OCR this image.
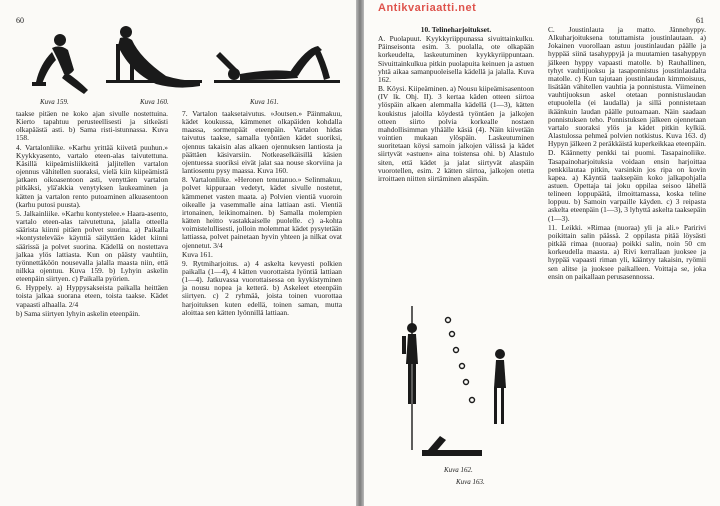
60
Kuva 159.	Kuva 160.	Kuva 161.

taakse pitäen ne koko ajan sivulle nostettuina. Kierto tapahtuu perusteellisesti ja sitkeästi olkapäästä asti. b) Sama risti-istunnassa. Kuva 158.

4. Vartalonliike. »Karhu yrittää kiivetä puuhun.» Kyykkyasento, vartalo eteen-alas taivutettuna. Käsillä kiipeämisliikkeitä jaljitellen vartalon ojennus vähitellen suoraksi, vielä kiin kiipeämistä jatkaen oikoasentoon asti, venyttäen vartalon pitkäksi, ylä'akkia venytyksen laukeaminen ja kätten ja vartalon rento putoaminen alkuasentoon (karhu putosi puusta).

5. Jalkainliike. »Karhu kontystelee.» Haara-asento, vartalo eteen-alas taivutettuna, jalalla otteella säärista kiinni pitäen polvet suorina. a) Paikalla »kontystelevää» käyntiä säilyttäen kädet kiinni säärissä ja polvet suorina. Kädellä on nostettava jalkaa ylös lattiasta. Kun on päästy vauhtiin, työnnettäköön nousevalla jalalla maasta niin, että nilkka ojentuu. Kuva 159. b) Lyhyin askelin eteenpäin siirtyen. c) Paikalla pyörien.

6. Hyppely. a) Hyppysakseista paikalla heittäen toista jalkaa suorana eteen, toista taakse. Kädet vapaasti alhaalla. 2/4

b) Sama siirtyen lyhyin askelin eteenpäin.

7. Vartalon taaksetaivutus. »Joutsen.» Päinmakuu, kädet koukussa, kämmenet olkapäiden kohdalla maassa, sormenpäät eteenpäin. Vartalon hidas taivutus taakse, samalla työntäen kädet suoriksi, ojennus takaisin alas alkaen ojennuksen lantiosta ja päättäen käsivarsiin. Notkeaselkäisillä käsien ojentuessa suoriksi eivät jalat saa nouse skorviina ja lantiosentu pysy maassa. Kuva 160.

8. Vartalonliike. »Heronen tenutanuo.» Selinmakuu, polvet kippuraan vedetyt, kädet sivulle nostetut, kämmenet vasten maata. a) Polvien vientiä vuoroin oikealle ja vasemmalle aina lattiaan asti. Vientiä irtonainen, leikinomainen. b) Samalla molempien kätten heitto vastakkaiselle puolelle. c) a-kohta voimistelullisesti, jolloin molemmat kädet pysytetään lattiassa, polvet painetaan hyvin yhteen ja nilkat ovat ojennetut. 3/4

Kuva 161.

9. Rytmiharjoitus. a) 4 askelta kevyesti polkien paikalla (1—4), 4 kätten vuorottaista lyöntiä lattiaan (1—4). Jatkuvassa vuorottaisessa on kyykistyminen ja nousu nopea ja ketterä. b) Askeleet eteenpäin siirtyen. c) 2 ryhmää, joista toinen vuorottaa harjoituksen kuten edellä, toinen saman, mutta aloittaa sen kätten lyönnillä lattiaan.

Antikvariaatti.net
61

10. Telineharjoitukset.

A. Puolapuut. Kyykkyriippunassa sivuittainkulku. Päinseisonta esim. 3. puolalla, ote olkapään korkeudelta, laskeutuminen kyykkyriippuntaan. Sivuittainkulkua pitkin puolapuita keinuen ja astuen yhtä aikaa samanpuoleisella kädellä ja jalalla. Kuva 162.

B. Köysi. Kiipeäminen. a) Nousu kiipeämisasentoon (IV lk. Ohj. II). 3 kertaa käden otteen siirtoa ylöspäin alkaen alemmalla kädellä (1—3), kätten koukistus jaloilla köydestä työntäen ja jalkojen otteen siirto polvia korkealle nostaen mahdollisimman ylhäälle käsiä (4). Näin kiivetään vointien mukaan ylöspäin. Laskeutuminen suoritetaan köysi samoin jalkojen välissä ja kädet siirtyvät »astuen» aina toistensa ohi. b) Alastulo siten, että kädet ja jalat siirtyvät alaspäin vuorotellen, esim. 2 kätten siirtoa, jalkojen otetta irroittaen niitten siirtäminen alaspäin.

Kuva 162.
Kuva 163.

C. Joustinlauta ja matto. Jännehyppy. Alkuharjoituksena totuttamista joustinlautaan. a) Jokainen vuorollaan astuu joustinlaudan päälle ja hyppää siinä tasahyppyjä ja muutamien tasahyppyn jälkeen hyppy vapaasti matolle. b) Rauhallinen, tyhyt vauhtijuoksu ja tasaponnistus joustinlaudalta matolle. c) Kun tajutaan joustinlaudan kimmoisuus, lisätään vähitellen vauhtia ja ponnistusta. Viimeinen vauhtijuoksun askel otetaan ponnistuslaudan etupuolella (ei laudalla) ja sillä ponnistetaan ikäänkuin laudan päälle putoamaan. Näin saadaan ponnistuksen teho. Ponnistuksen jälkeen ojennetaan vartalo suoraksi ylös ja kädet pitkin kylkiä. Alastulossa pehmeä polvien notkistus. Kuva 163. d) Hypyn jälkeen 2 peräkkäistä kuperkeikkaa eteenpäin.

D. Käännetty penkki tai puomi. Tasapainoliike. Tasapainoharjoituksia voidaan ensin harjoittaa penkkilautaa pitkin, varsinkin jos ripa on kovin kapea. a) Käyntiä taaksepäin koko jalkapohjalla astuen. Opettaja tai joku oppilaa seisoo lähellä telineen loppupäätä, ilmoittamassa, koska teline loppuu. b) Samoin varpaille käyden. c) 3 reipasta askelta eteenpäin (1—3), 3 lyhyttä askelta taaksepäin (1—3).

11. Leikki. »Rimaa (nuoraa) yli ja ali.» Paririvi poikittain salin päässä. 2 oppilasta pitää löysästi pitkää rimaa (nuoraa) poikki salin, noin 50 cm korkeudella maasta. a) Rivi kerrallaan juoksee ja hyppää vapaasti riman yli, kääntyy takaisin, ryömii sen alitse ja juoksee paikalleen. Voittaja se, joka ensin on paikallaan perusasennossa.
